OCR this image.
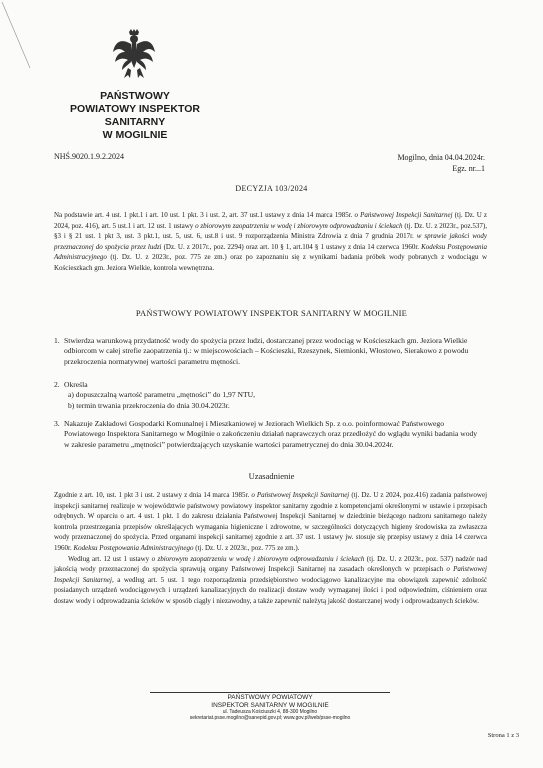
PAŃSTWOWY
POWIATOWY INSPEKTOR SANITARNY
W MOGILNIE
NHŚ.9020.1.9.2.2024	Mogilno, dnia 04.04.2024r.
Egz. nr...1
DECYZJA 103/2024
Na podstawie art. 4 ust. 1 pkt.1 i art. 10 ust. 1 pkt. 3 i ust. 2, art. 37 ust.1 ustawy z dnia 14 marca 1985r. o Państwowej Inspekcji Sanitarnej (tj. Dz. U z 2024, poz. 416), art. 5 ust.1 i art. 12 ust. 1 ustawy o zbiorowym zaopatrzeniu w wodę i zbiorowym odprowadzaniu i ściekach (tj. Dz. U. z 2023r., poz.537), §3 i § 21 ust. 1 pkt 3, ust. 3 pkt.1, ust. 5, ust. 6, ust.8 i ust. 9 rozporządzenia Ministra Zdrowia z dnia 7 grudnia 2017r. w sprawie jakości wody przeznaczonej do spożycia przez ludzi (Dz. U. z 2017r., poz. 2294) oraz art. 10 § 1, art.104 § 1 ustawy z dnia 14 czerwca 1960r. Kodeksu Postępowania Administracyjnego (tj. Dz. U. z 2023r., poz. 775 ze zm.) oraz po zapoznaniu się z wynikami badania próbek wody pobranych z wodociągu w Kościeszkach gm. Jeziora Wielkie, kontrola wewnętrzna.
PAŃSTWOWY POWIATOWY INSPEKTOR SANITARNY W MOGILNIE
1. Stwierdza warunkową przydatność wody do spożycia przez ludzi, dostarczanej przez wodociąg w Kościeszkach gm. Jeziora Wielkie odbiorcom w całej strefie zaopatrzenia tj.: w miejscowościach – Kościeszki, Rzeszynek, Siemionki, Włostowo, Sierakowo z powodu przekroczenia normatywnej wartości parametru mętności.
2. Określa
a) dopuszczalną wartość parametru „mętności” do 1,97 NTU,
b) termin trwania przekroczenia do dnia 30.04.2023r.
3. Nakazuje Zakładowi Gospodarki Komunalnej i Mieszkaniowej w Jeziorach Wielkich Sp. z o.o. poinformować Państwowego Powiatowego Inspektora Sanitarnego w Mogilnie o zakończeniu działań naprawczych oraz przedłożyć do wglądu wyniki badania wody w zakresie parametru „mętności” potwierdzających uzyskanie wartości parametrycznej do dnia 30.04.2024r.
Uzasadnienie
Zgodnie z art. 10, ust. 1 pkt 3 i ust. 2 ustawy z dnia 14 marca 1985r. o Państwowej Inspekcji Sanitarnej (tj. Dz. U z 2024, poz.416) zadania państwowej inspekcji sanitarnej realizuje w województwie państwowy powiatowy inspektor sanitarny zgodnie z kompetencjami określonymi w ustawie i przepisach odrębnych. W oparciu o art. 4 ust. 1 pkt. 1 do zakresu działania Państwowej Inspekcji Sanitarnej w dziedzinie bieżącego nadzoru sanitarnego należy kontrola przestrzegania przepisów określających wymagania higieniczne i zdrowotne, w szczególności dotyczących higieny środowiska za zwłaszcza wody przeznaczonej do spożycia. Przed organami inspekcji sanitarnej zgodnie z art. 37 ust. 1 ustawy jw. stosuje się przepisy ustawy z dnia 14 czerwca 1960r. Kodeksu Postępowania Administracyjnego (tj. Dz. U. z 2023r., poz. 775 ze zm.).
Według art. 12 ust 1 ustawy o zbiorowym zaopatrzeniu w wodę i zbiorowym odprowadzaniu i ściekach (tj. Dz. U. z 2023r., poz. 537) nadzór nad jakością wody przeznaczonej do spożycia sprawują organy Państwowej Inspekcji Sanitarnej na zasadach określonych w przepisach o Państwowej Inspekcji Sanitarnej, a według art. 5 ust. 1 tego rozporządzenia przedsiębiorstwo wodociągowo kanalizacyjne ma obowiązek zapewnić zdolność posiadanych urządzeń wodociągowych i urządzeń kanalizacyjnych do realizacji dostaw wody wymaganej ilości i pod odpowiednim, ciśnieniem oraz dostaw wody i odprowadzania ścieków w sposób ciągły i niezawodny, a także zapewnić należytą jakość dostarczanej wody i odprowadzanych ścieków.
PAŃSTWOWY POWIATOWY
INSPEKTOR SANITARNY W MOGILNIE
ul. Tadeusza Kościuszki 4, 88-300 Mogilno
sekretariat.psse.mogilno@sanepid.gov.pl; www.gov.pl/web/psse-mogilno
Strona 1 z 3
